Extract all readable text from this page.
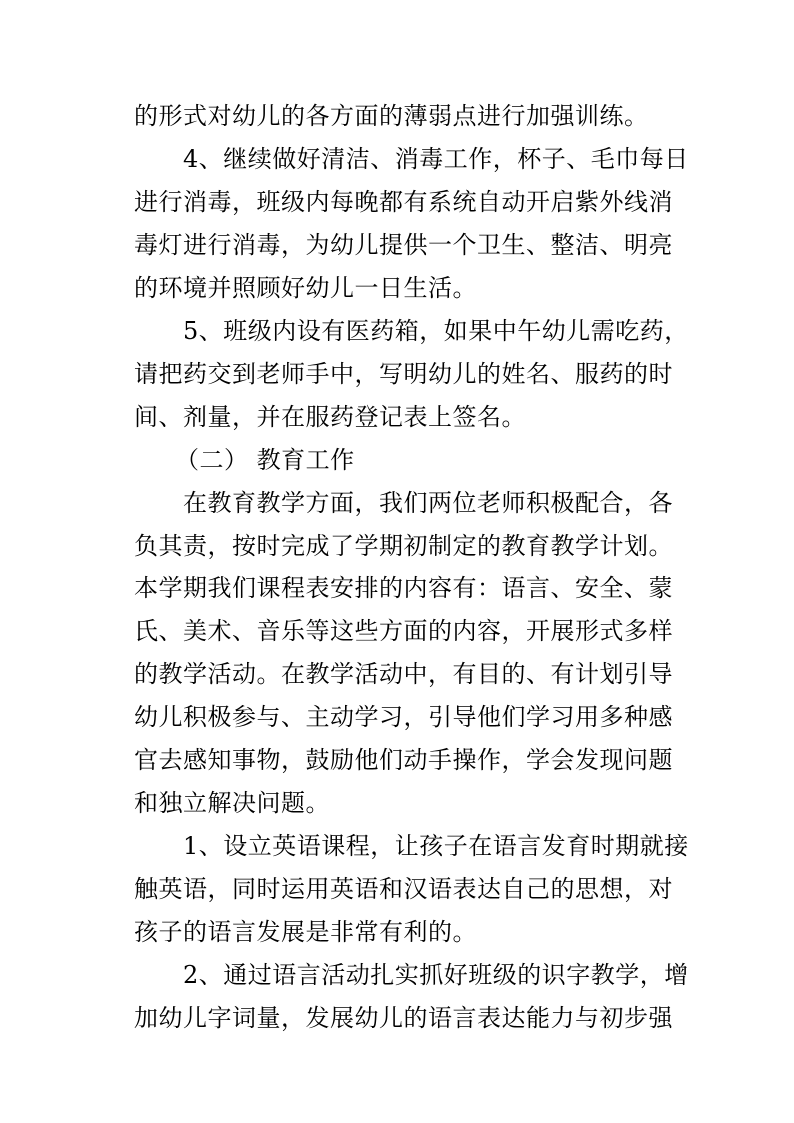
的形式对幼儿的各方面的薄弱点进行加强训练。
4、继续做好清洁、消毒工作，杯子、毛巾每日
进行消毒，班级内每晚都有系统自动开启紫外线消
毒灯进行消毒，为幼儿提供一个卫生、整洁、明亮
的环境并照顾好幼儿一日生活。
5、班级内设有医药箱，如果中午幼儿需吃药，
请把药交到老师手中，写明幼儿的姓名、服药的时
间、剂量，并在服药登记表上签名。
（二） 教育工作
在教育教学方面，我们两位老师积极配合，各
负其责，按时完成了学期初制定的教育教学计划。
本学期我们课程表安排的内容有：语言、安全、蒙
氏、美术、音乐等这些方面的内容，开展形式多样
的教学活动。在教学活动中，有目的、有计划引导
幼儿积极参与、主动学习，引导他们学习用多种感
官去感知事物，鼓励他们动手操作，学会发现问题
和独立解决问题。
1、设立英语课程，让孩子在语言发育时期就接
触英语，同时运用英语和汉语表达自己的思想，对
孩子的语言发展是非常有利的。
2、通过语言活动扎实抓好班级的识字教学，增
加幼儿字词量，发展幼儿的语言表达能力与初步强
